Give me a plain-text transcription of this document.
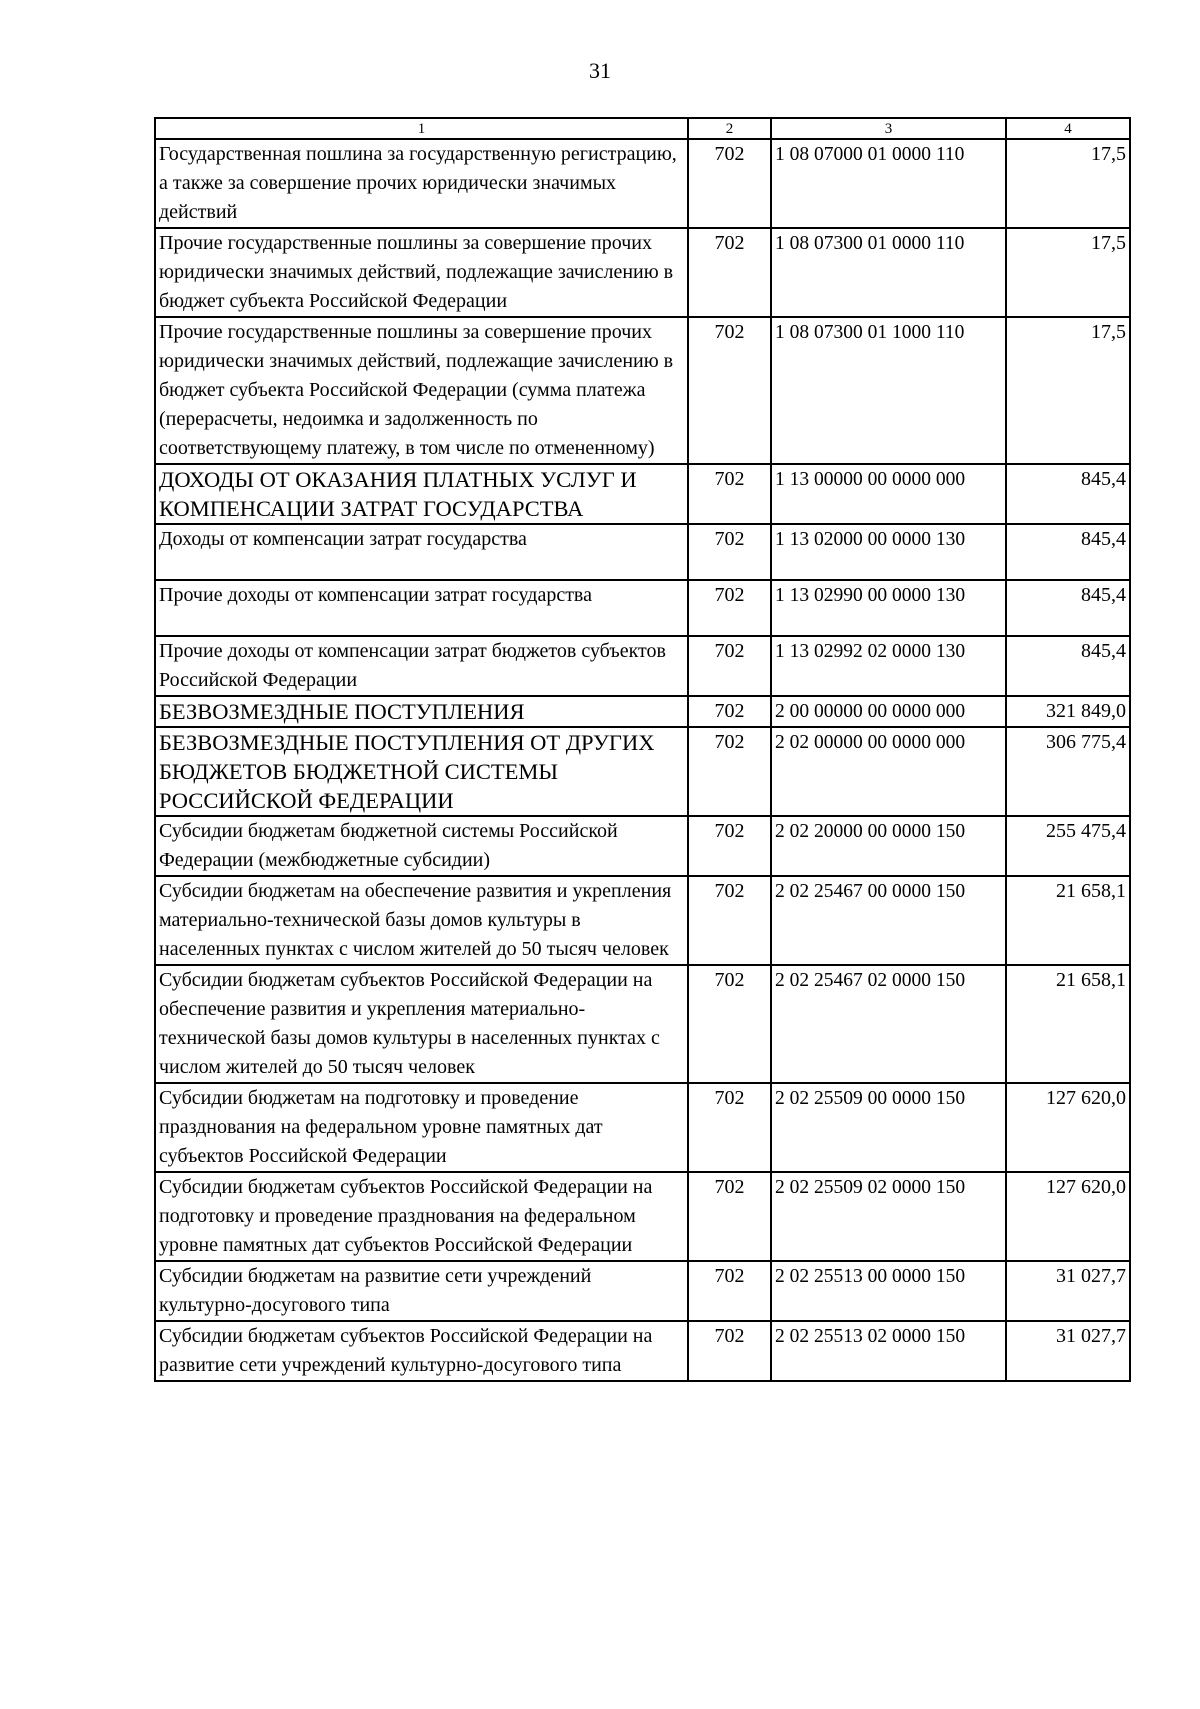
31
1	2	3	4
Государственная пошлина за государственную регистрацию, а также за совершение прочих юридически значимых действий	702	1 08 07000 01 0000 110	17,5
Прочие государственные пошлины за совершение прочих юридически значимых действий, подлежащие зачислению в бюджет субъекта Российской Федерации	702	1 08 07300 01 0000 110	17,5
Прочие государственные пошлины за совершение прочих юридически значимых действий, подлежащие зачислению в бюджет субъекта Российской Федерации (сумма платежа (перерасчеты, недоимка и задолженность по соответствующему платежу, в том числе по отмененному)	702	1 08 07300 01 1000 110	17,5
ДОХОДЫ ОТ ОКАЗАНИЯ ПЛАТНЫХ УСЛУГ И КОМПЕНСАЦИИ ЗАТРАТ ГОСУДАРСТВА	702	1 13 00000 00 0000 000	845,4
Доходы от компенсации затрат государства	702	1 13 02000 00 0000 130	845,4
Прочие доходы от компенсации затрат государства	702	1 13 02990 00 0000 130	845,4
Прочие доходы от компенсации затрат бюджетов субъектов Российской Федерации	702	1 13 02992 02 0000 130	845,4
БЕЗВОЗМЕЗДНЫЕ ПОСТУПЛЕНИЯ	702	2 00 00000 00 0000 000	321 849,0
БЕЗВОЗМЕЗДНЫЕ ПОСТУПЛЕНИЯ ОТ ДРУГИХ БЮДЖЕТОВ БЮДЖЕТНОЙ СИСТЕМЫ РОССИЙСКОЙ ФЕДЕРАЦИИ	702	2 02 00000 00 0000 000	306 775,4
Субсидии бюджетам бюджетной системы Российской Федерации (межбюджетные субсидии)	702	2 02 20000 00 0000 150	255 475,4
Субсидии бюджетам на обеспечение развития и укрепления материально-технической базы домов культуры в населенных пунктах с числом жителей до 50 тысяч человек	702	2 02 25467 00 0000 150	21 658,1
Субсидии бюджетам субъектов Российской Федерации на обеспечение развития и укрепления материально-технической базы домов культуры в населенных пунктах с числом жителей до 50 тысяч человек	702	2 02 25467 02 0000 150	21 658,1
Субсидии бюджетам на подготовку и проведение празднования на федеральном уровне памятных дат субъектов Российской Федерации	702	2 02 25509 00 0000 150	127 620,0
Субсидии бюджетам субъектов Российской Федерации на подготовку и проведение празднования на федеральном уровне памятных дат субъектов Российской Федерации	702	2 02 25509 02 0000 150	127 620,0
Субсидии бюджетам на развитие сети учреждений культурно-досугового типа	702	2 02 25513 00 0000 150	31 027,7
Субсидии бюджетам субъектов Российской Федерации на развитие сети учреждений культурно-досугового типа	702	2 02 25513 02 0000 150	31 027,7
